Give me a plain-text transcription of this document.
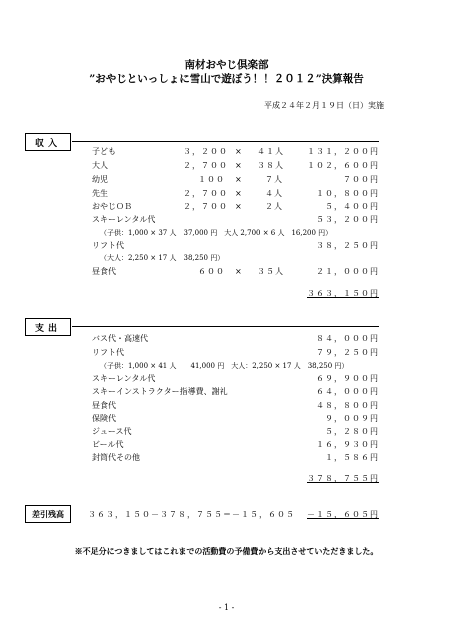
南材おやじ倶楽部
”おやじといっしょに雪山で遊ぼう！！２０１２”決算報告
平成２４年２月１９日（日）実施
収入
子ども	３，２００ × ４１人	１３１，２００円
大人	２，７００ × ３８人	１０２，６００円
幼児	１００ ×	７人	７００円
先生	２，７００ ×	４人	１０，８００円
おやじＯＢ	２，７００ ×	２人	５，４００円
スキーレンタル代	５３，２００円
（子供：1,000 × 37 人　37,000 円　大人 2,700 × 6 人　16,200 円）
リフト代	３８，２５０円
（大人：2,250 × 17 人　38,250 円）
昼食代	６００ × ３５人	２１，０００円
３６３，１５０円
支出
バス代・高速代	８４，０００円
リフト代	７９，２５０円
（子供：1,000 × 41 人　　41,000 円　大人：2,250 × 17 人　38,250 円）
スキーレンタル代	６９，９００円
スキーインストラクター指導費、謝礼	６４，０００円
昼食代	４８，８００円
保険代	９，００９円
ジュース代	５，２８０円
ビール代	１６，９３０円
封筒代その他	１，５８６円
３７８，７５５円
差引残高	３６３，１５０－３７８，７５５＝－１５，６０５ －１５，６０５円
※不足分につきましてはこれまでの活動費の予備費から支出させていただきました。
- 1 -
